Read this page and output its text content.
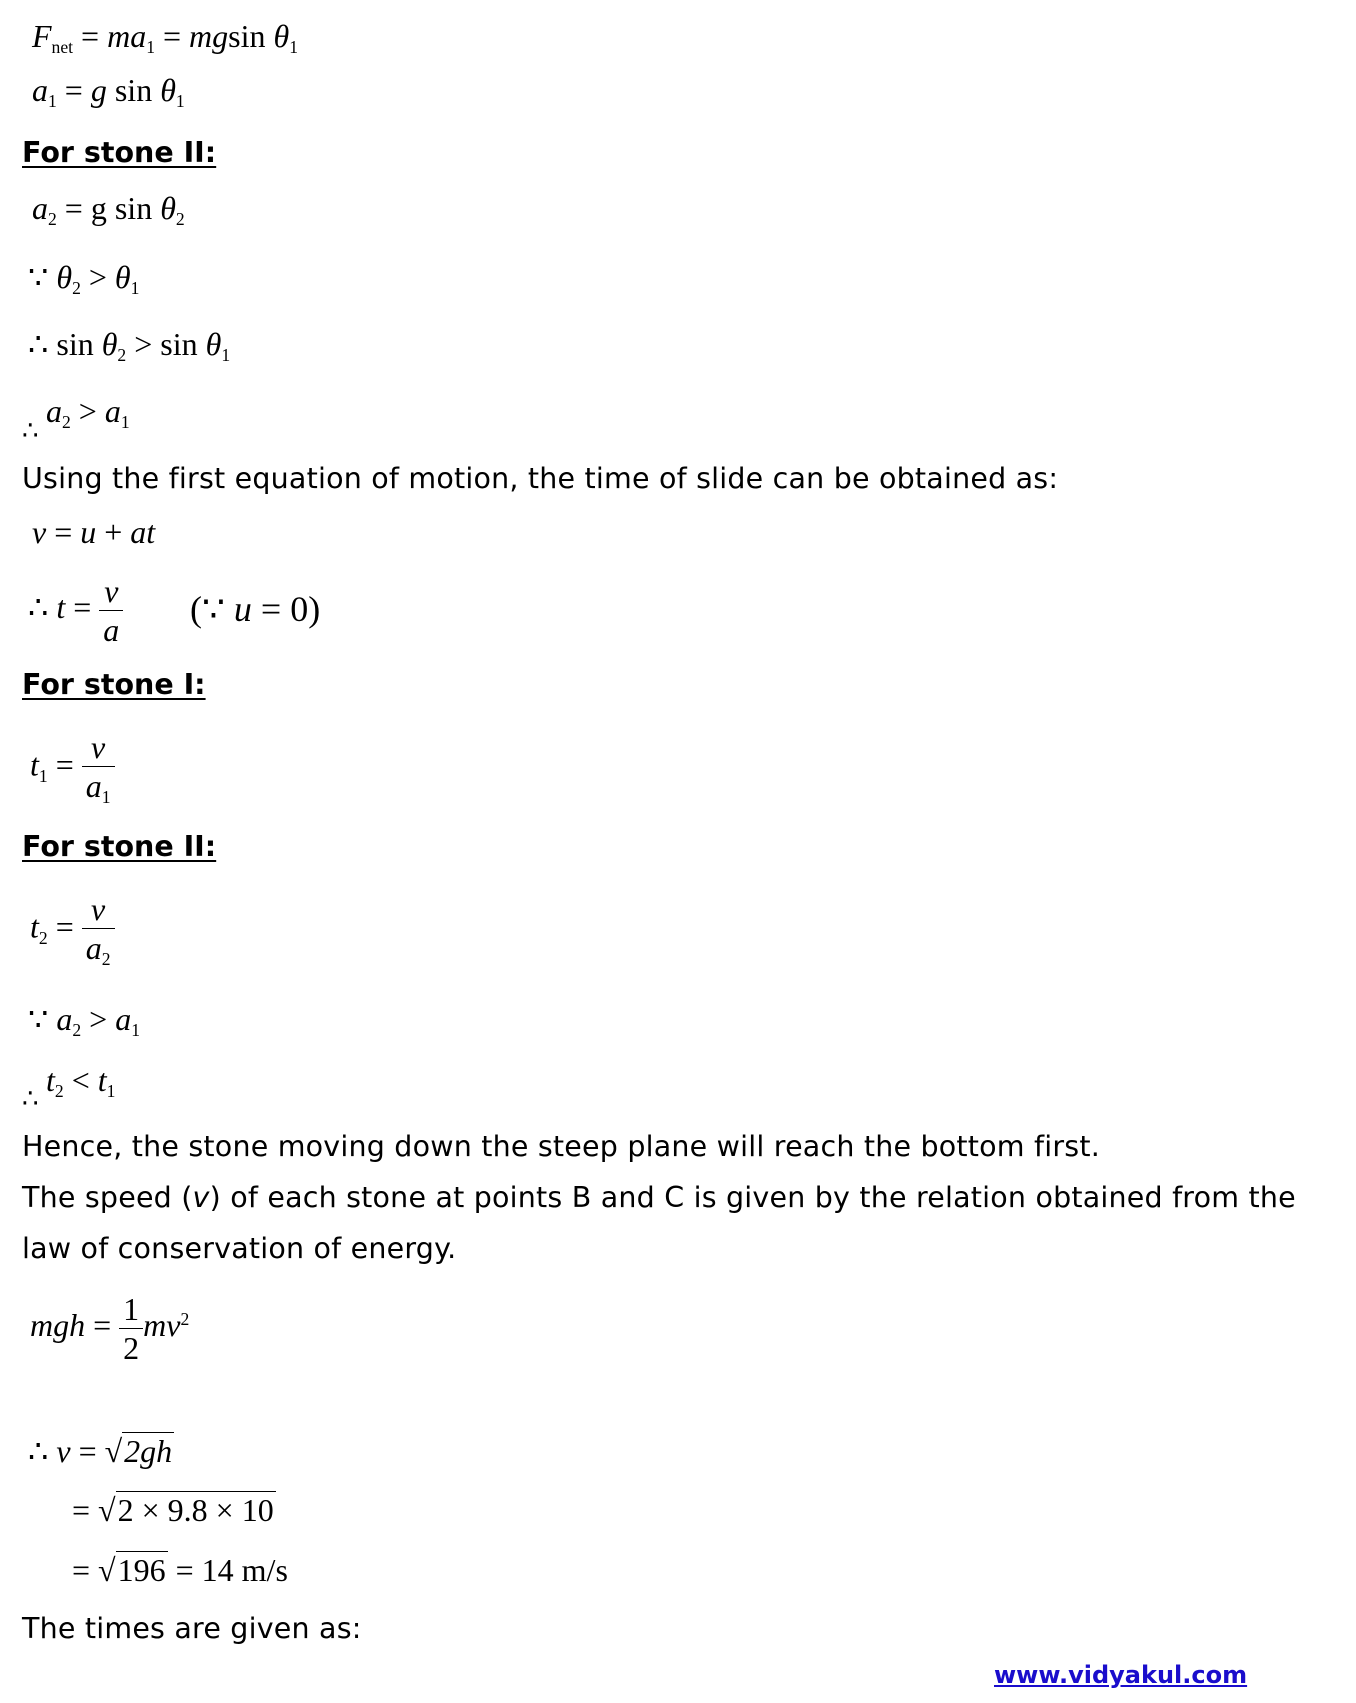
$F_{net} = ma_1 = mgsin$ $\theta_1$
$a_1 = g$ $\sin \theta_1$
For stone II:
$a_2 = g$ $\sin \theta_2$
∵ $\theta_2 > \theta_1$
∴ $\sin \theta_2 > \sin \theta_1$
∴
$a_2 > a_1$
Using the first equation of motion, the time of slide can be obtained as:
v = u + at
∴ $t = \frac{v}{a}$ (∵ u = 0)
For stone I:
$t_1 = \frac{v}{a_1}$
For stone II:
$t_2 = \frac{v}{a_2}$
∵ $a_2 > a_1$
∴
$t_2 < t_1$
Hence, the stone moving down the steep plane will reach the bottom first.
The speed (v) of each stone at points B and C is given by the relation obtained from the
law of conservation of energy.
mgh = $\frac{1}{2} mv^2$
∴ v = √2gh
= √2 × 9.8 × 10
= √196 = 14 m/s
The times are given as:
www.vidyakul.com
